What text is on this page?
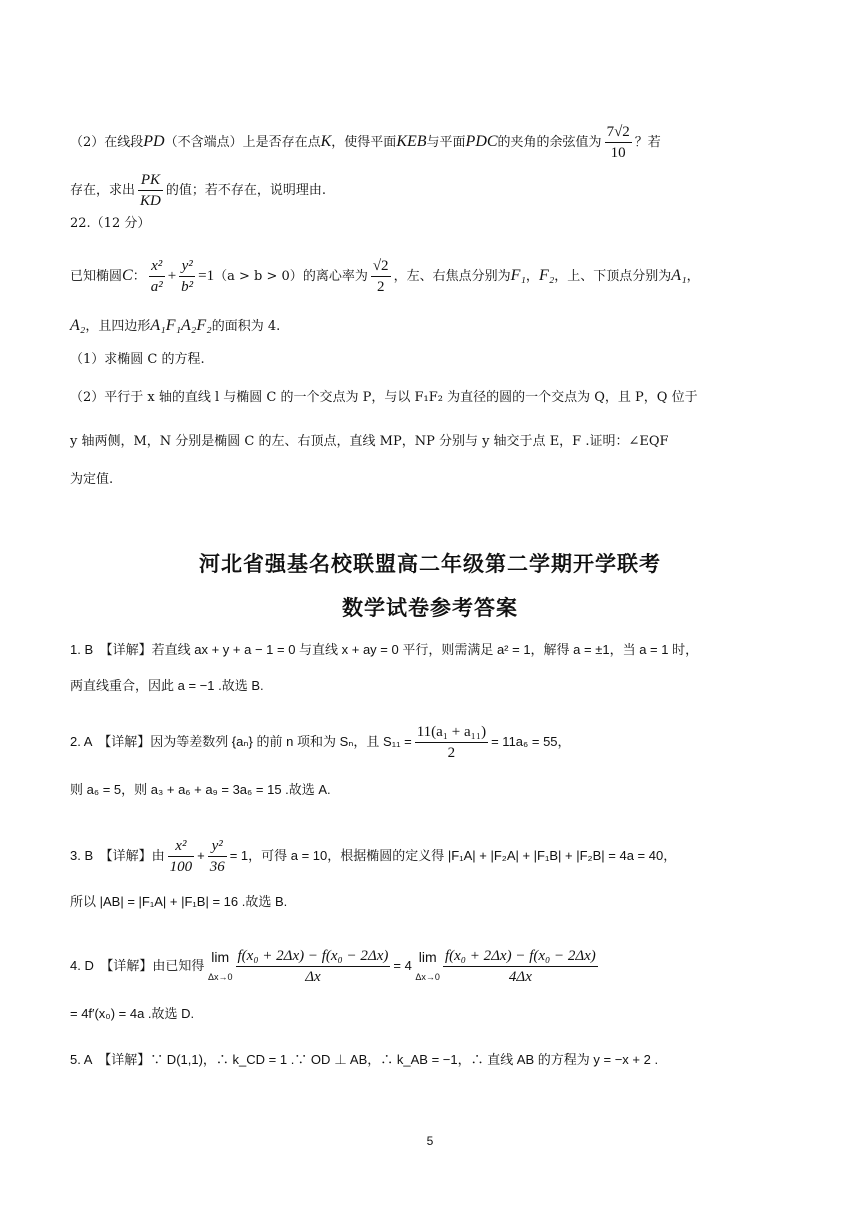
（2）在线段PD（不含端点）上是否存在点K，使得平面KEB与平面PDC的夹角的余弦值为 $\frac{7√2}{10}$ ？若
存在，求出 $\frac{PK}{KD}$ 的值；若不存在，说明理由.
22.（12 分）
已知椭圆C： $\frac{\text{x²}}{\text{a²}} + \frac{\text{y²}}{\text{b²}} =1(a > b > 0)$的离心率为 $\frac{√2}{2}$ ，左、右焦点分别为F₁，F₂，上、下顶点分别为A₁，
A₂，且四边形A₁F₁A₂F₂的面积为 4.
（1）求椭圆 C 的方程.
（2）平行于 x 轴的直线 l 与椭圆 C 的一个交点为 P，与以 F₁F₂ 为直径的圆的一个交点为 Q，且 P，Q 位于
y 轴两侧，M，N 分别是椭圆 C 的左、右顶点，直线 MP，NP 分别与 y 轴交于点 E，F .证明：∠EQF
为定值.
河北省强基名校联盟高二年级第二学期开学联考
数学试卷参考答案
1. B　【详解】若直线 ax + y + a − 1 = 0 与直线 x + ay = 0 平行，则需满足 a² = 1，解得 a = ±1，当 a = 1 时，
两直线重合，因此 a = −1 .故选 B.
2. A　【详解】因为等差数列 {aₙ} 的前 n 项和为 Sₙ，且 $S_{11} = \frac{\text{11(a₁ + a₁₁)}}{2} = 11a_6 = 55$，
则 a₆ = 5，则 a₃ + a₆ + a₉ = 3a₆ = 15 .故选 A.
3. B　【详解】由 $\frac{\text{x²}}{100} + \frac{\text{y²}}{36} = 1$，可得 a = 10，根据椭圆的定义得 |F₁A| + |F₂A| + |F₁B| + |F₂B| = 4a = 40，
所以 |AB| = |F₁A| + |F₁B| = 16 .故选 B.
4. D　【详解】由已知得
lim
$\Delta x\to 0 \frac{\text{f(x₀ + 2Δx) − f(x₀ − 2Δx)}}{\Delta x} = 4$
lim
$\Delta x\to 0 \frac{\text{f(x₀ + 2Δx) − f(x₀ − 2Δx)}}{4\Delta x}$
= 4f′(x₀) = 4a .故选 D.
5. A　【详解】∵ D(1,1)，∴ k_CD = 1 .∵ OD ⊥ AB，∴ k_AB = −1，∴ 直线 AB 的方程为 y = −x + 2 .
5
